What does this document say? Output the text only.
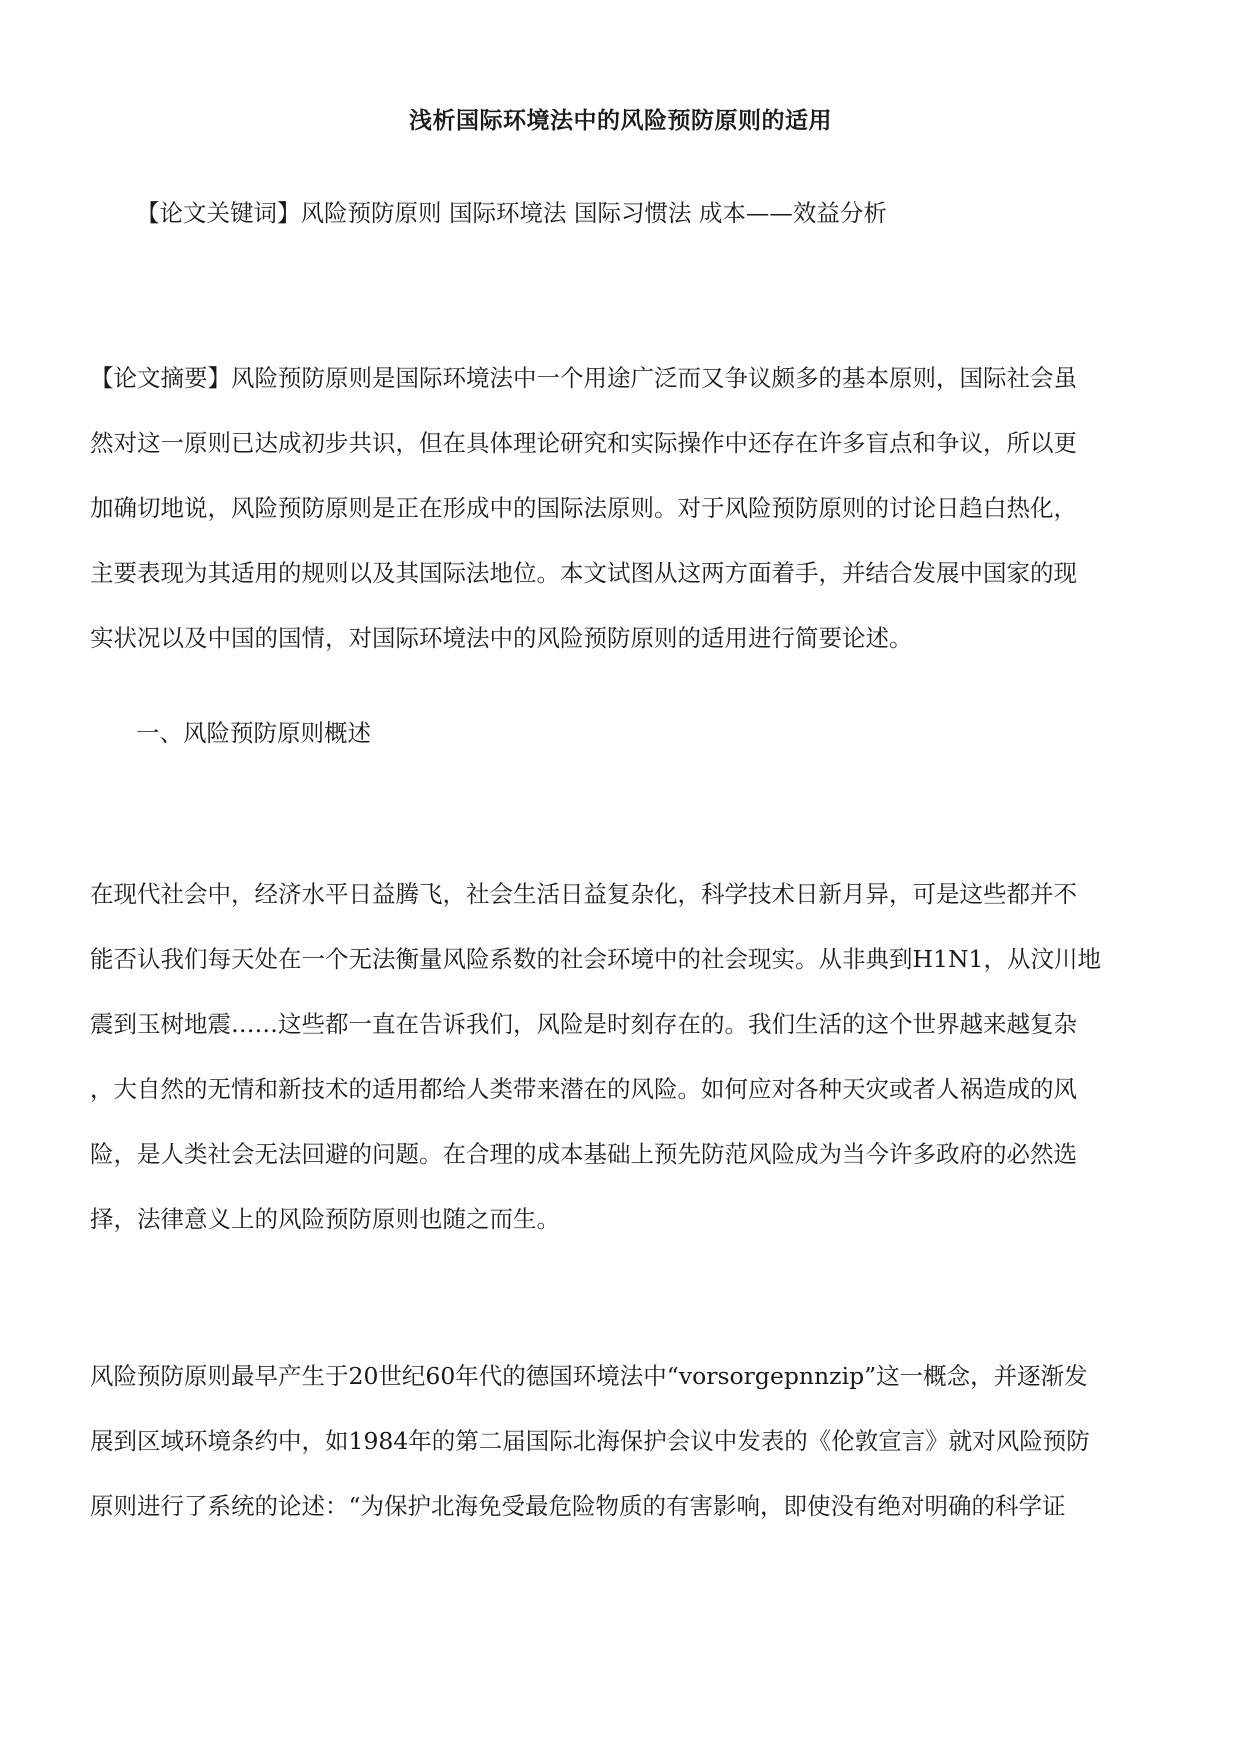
浅析国际环境法中的风险预防原则的适用
【论文关键词】风险预防原则 国际环境法 国际习惯法 成本——效益分析
【论文摘要】风险预防原则是国际环境法中一个用途广泛而又争议颇多的基本原则，国际社会虽
然对这一原则已达成初步共识，但在具体理论研究和实际操作中还存在许多盲点和争议，所以更
加确切地说，风险预防原则是正在形成中的国际法原则。对于风险预防原则的讨论日趋白热化，
主要表现为其适用的规则以及其国际法地位。本文试图从这两方面着手，并结合发展中国家的现
实状况以及中国的国情，对国际环境法中的风险预防原则的适用进行简要论述。
一、风险预防原则概述
在现代社会中，经济水平日益腾飞，社会生活日益复杂化，科学技术日新月异，可是这些都并不
能否认我们每天处在一个无法衡量风险系数的社会环境中的社会现实。从非典到H1N1，从汶川地
震到玉树地震……这些都一直在告诉我们，风险是时刻存在的。我们生活的这个世界越来越复杂
，大自然的无情和新技术的适用都给人类带来潜在的风险。如何应对各种天灾或者人祸造成的风
险，是人类社会无法回避的问题。在合理的成本基础上预先防范风险成为当今许多政府的必然选
择，法律意义上的风险预防原则也随之而生。
风险预防原则最早产生于20世纪60年代的德国环境法中“vorsorgepnnzip”这一概念，并逐渐发
展到区域环境条约中，如1984年的第二届国际北海保护会议中发表的《伦敦宣言》就对风险预防
原则进行了系统的论述：“为保护北海免受最危险物质的有害影响，即使没有绝对明确的科学证
